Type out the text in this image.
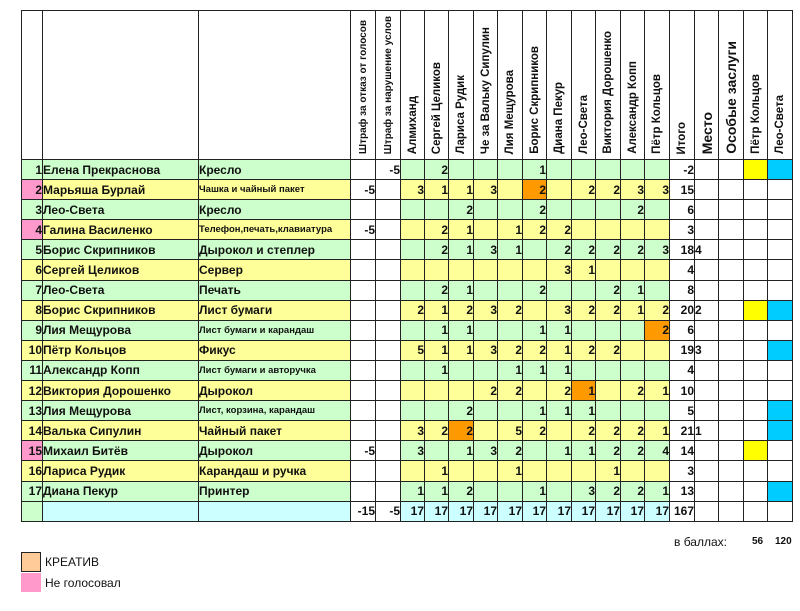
			Штраф за отказ от голосов	Штраф за нарушение услов	Алмиханд	Сергей Целиков	Лариса Рудик	Че за Вальку Сипулин	Лия Мещурова	Борис Скрипников	Диана Пекур	Лео-Света	Виктория Дорошенко	Александр Копп	Пётр Кольцов	Итого	Место	Особые заслуги	Пётр Кольцов	Лео-Света
1	Елена Прекраснова	Кресло		-5		2				1						-2				
2	Марьяша Бурлай	Чашка и чайный пакет	-5		3	1	1	3		2		2	2	3	3	15				
3	Лео-Света	Кресло					2			2				2		6				
4	Галина Василенко	Телефон,печать,клавиатура	-5			2	1		1	2	2					3				
5	Борис Скрипников	Дырокол и степлер				2	1	3	1		2	2	2	2	3	18	4			
6	Сергей Целиков	Сервер									3	1				4				
7	Лео-Света	Печать				2	1			2			2	1		8				
8	Борис Скрипников	Лист бумаги			2	1	2	3	2		3	2	2	1	2	20	2			
9	Лия Мещурова	Лист бумаги и карандаш				1	1			1	1				2	6				
10	Пётр Кольцов	Фикус			5	1	1	3	2	2	1	2	2			19	3			
11	Александр Копп	Лист бумаги и авторучка				1			1	1	1					4				
12	Виктория Дорошенко	Дырокол						2	2		2	1		2	1	10				
13	Лия Мещурова	Лист, корзина, карандаш					2			1	1	1				5				
14	Валька Сипулин	Чайный пакет			3	2	2		5	2		2	2	2	1	21	1			
15	Михаил Битёв	Дырокол	-5		3		1	3	2		1	1	2	2	4	14				
16	Лариса Рудик	Карандаш и ручка				1			1				1			3				
17	Диана Пекур	Принтер			1	1	2			1		3	2	2	1	13				
			-15	-5	17	17	17	17	17	17	17	17	17	17	17	167				
в баллах:	56 120
КРЕАТИВ
Не голосовал
